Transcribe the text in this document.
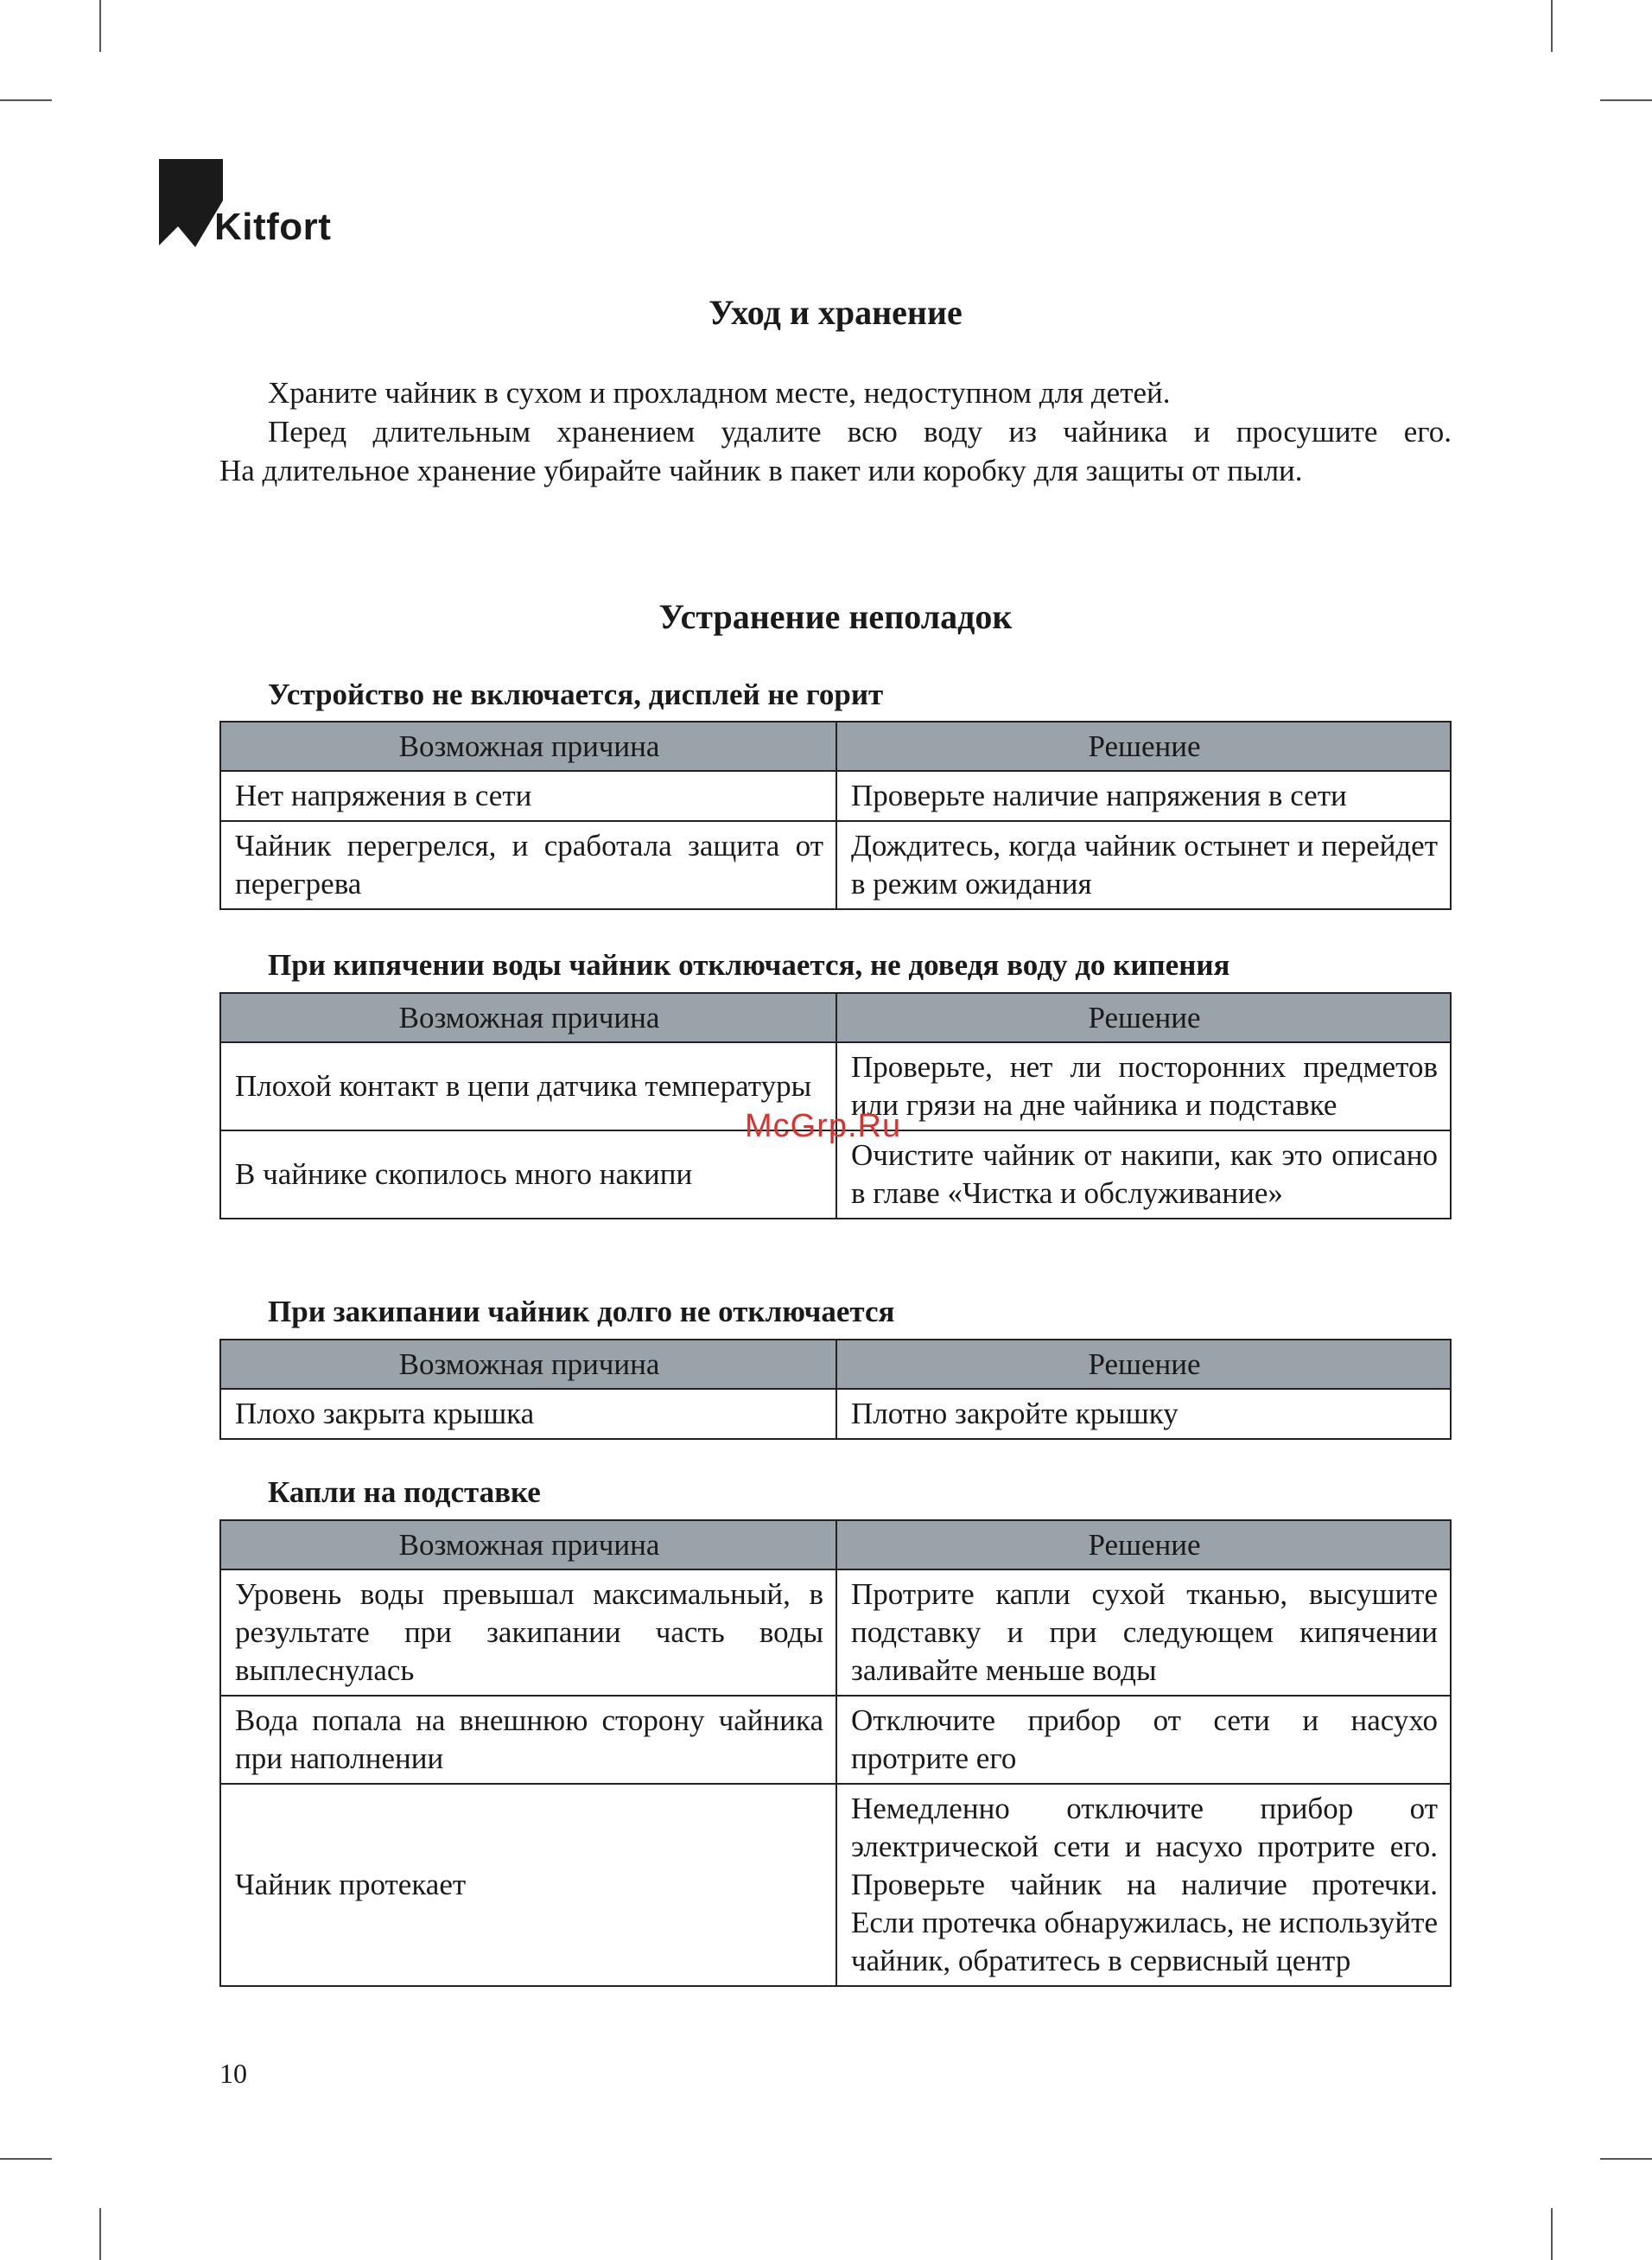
Kitfort
Уход и хранение

Храните чайник в сухом и прохладном месте, недоступном для детей.

Перед длительным хранением удалите всю воду из чайника и просушите его.

На длительное хранение убирайте чайник в пакет или коробку для защиты от пыли.

Устранение неполадок
Устройство не включается, дисплей не горит
Возможная причина	Решение
Нет напряжения в сети	Проверьте наличие напряжения в сети
Чайник перегрелся, и сработала защита от перегрева	Дождитесь, когда чайник остынет и перейдет в режим ожидания
При кипячении воды чайник отключается, не доведя воду до кипения
Возможная причина	Решение
Плохой контакт в цепи датчика температуры	Проверьте, нет ли посторонних предметов или грязи на дне чайника и подставке
В чайнике скопилось много накипи	Очистите чайник от накипи, как это описано в главе «Чистка и обслуживание»
При закипании чайник долго не отключается
Возможная причина	Решение
Плохо закрыта крышка	Плотно закройте крышку
Капли на подставке
Возможная причина	Решение
Уровень воды превышал максимальный, в результате при закипании часть воды выплеснулась	Протрите капли сухой тканью, высушите подставку и при следующем кипячении заливайте меньше воды
Вода попала на внешнюю сторону чайника при наполнении	Отключите прибор от сети и насухо протрите его
Чайник протекает	Немедленно отключите прибор от электрической сети и насухо протрите его. Проверьте чайник на наличие протечки. Если протечка обнаружилась, не используйте чайник, обратитесь в сервисный центр
McGrp.Ru
10
